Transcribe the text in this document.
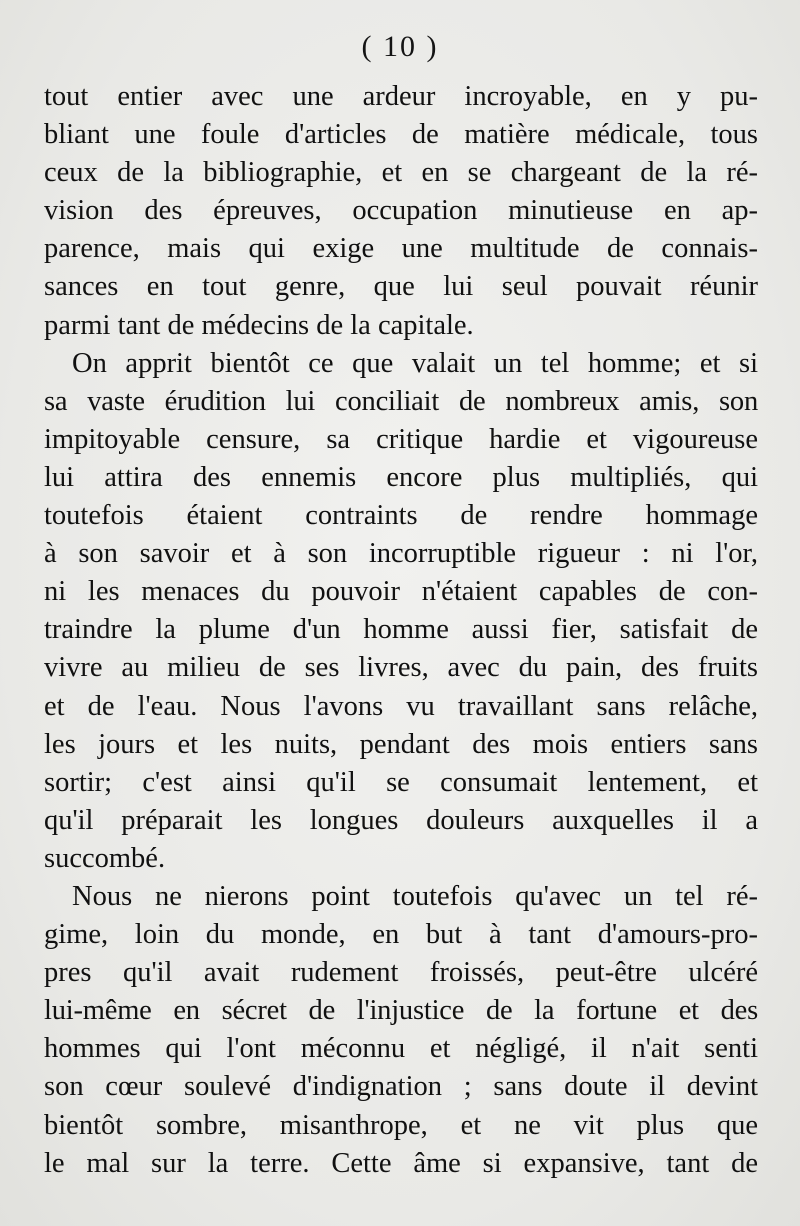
( 10 )
tout entier avec une ardeur incroyable, en y pu-
bliant une foule d'articles de matière médicale, tous
ceux de la bibliographie, et en se chargeant de la ré-
vision des épreuves, occupation minutieuse en ap-
parence, mais qui exige une multitude de connais-
sances en tout genre, que lui seul pouvait réunir
parmi tant de médecins de la capitale.
On apprit bientôt ce que valait un tel homme; et si
sa vaste érudition lui conciliait de nombreux amis, son
impitoyable censure, sa critique hardie et vigoureuse
lui attira des ennemis encore plus multipliés, qui
toutefois étaient contraints de rendre hommage
à son savoir et à son incorruptible rigueur : ni l'or,
ni les menaces du pouvoir n'étaient capables de con-
traindre la plume d'un homme aussi fier, satisfait de
vivre au milieu de ses livres, avec du pain, des fruits
et de l'eau. Nous l'avons vu travaillant sans relâche,
les jours et les nuits, pendant des mois entiers sans
sortir; c'est ainsi qu'il se consumait lentement, et
qu'il préparait les longues douleurs auxquelles il a
succombé.
Nous ne nierons point toutefois qu'avec un tel ré-
gime, loin du monde, en but à tant d'amours-pro-
pres qu'il avait rudement froissés, peut-être ulcéré
lui-même en sécret de l'injustice de la fortune et des
hommes qui l'ont méconnu et négligé, il n'ait senti
son cœur soulevé d'indignation ; sans doute il devint
bientôt sombre, misanthrope, et ne vit plus que
le mal sur la terre. Cette âme si expansive, tant de
